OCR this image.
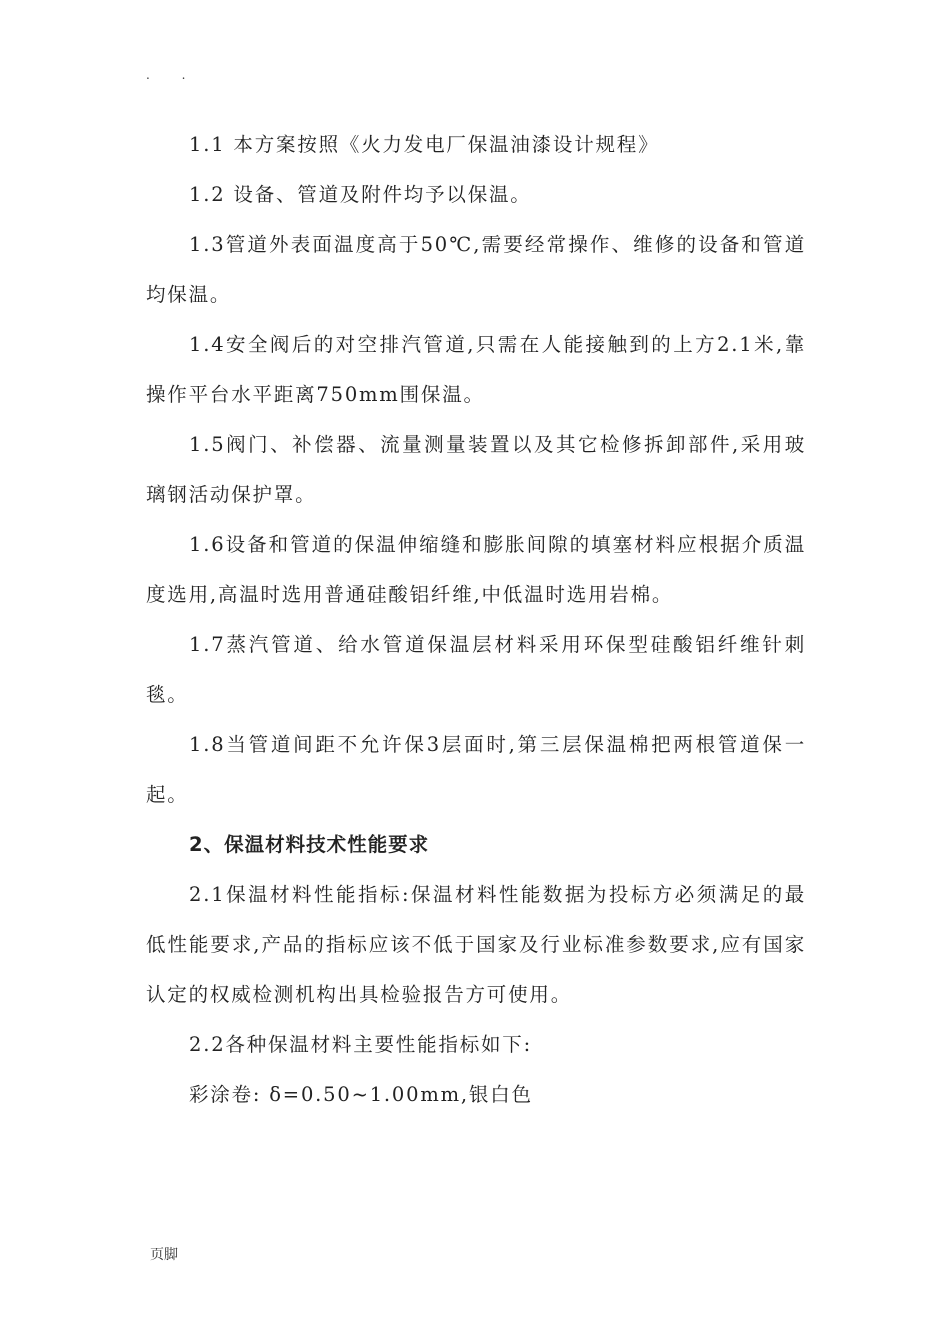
. .

1.1 本方案按照《火力发电厂保温油漆设计规程》

1.2 设备、管道及附件均予以保温。

1.3管道外表面温度高于50℃,需要经常操作、维修的设备和管道均保温。

1.4安全阀后的对空排汽管道,只需在人能接触到的上方2.1米,靠操作平台水平距离750mm围保温。

1.5阀门、补偿器、流量测量装置以及其它检修拆卸部件,采用玻璃钢活动保护罩。

1.6设备和管道的保温伸缩缝和膨胀间隙的填塞材料应根据介质温度选用,高温时选用普通硅酸铝纤维,中低温时选用岩棉。

1.7蒸汽管道、给水管道保温层材料采用环保型硅酸铝纤维针刺毯。

1.8当管道间距不允许保3层面时,第三层保温棉把两根管道保一起。

2、保温材料技术性能要求

2.1保温材料性能指标:保温材料性能数据为投标方必须满足的最低性能要求,产品的指标应该不低于国家及行业标准参数要求,应有国家认定的权威检测机构出具检验报告方可使用。

2.2各种保温材料主要性能指标如下:

彩涂卷: δ=0.50~1.00mm,银白色

页脚
